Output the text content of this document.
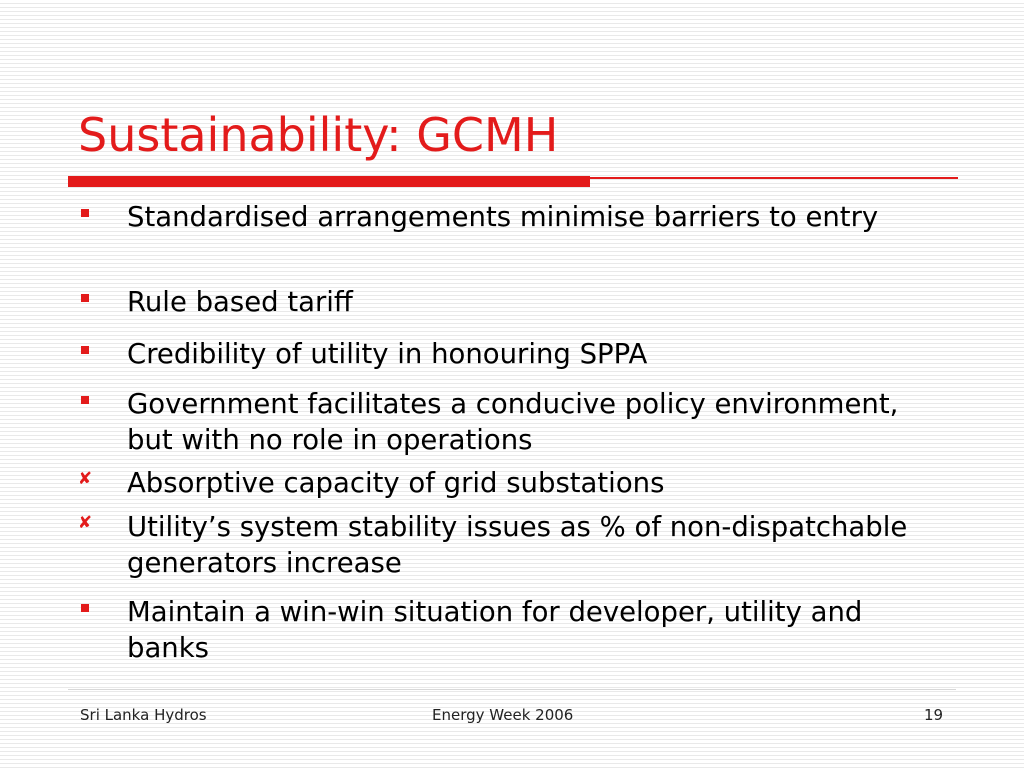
Sustainability: GCMH
Standardised arrangements minimise barriers to entry
Rule based tariff
Credibility of utility in honouring SPPA
Government facilitates a conducive policy environment, but with no role in operations
✘ Absorptive capacity of grid substations
✘ Utility’s system stability issues as % of non-dispatchable generators increase
Maintain a win-win situation for developer, utility and banks
Sri Lanka Hydros	Energy Week 2006	19
